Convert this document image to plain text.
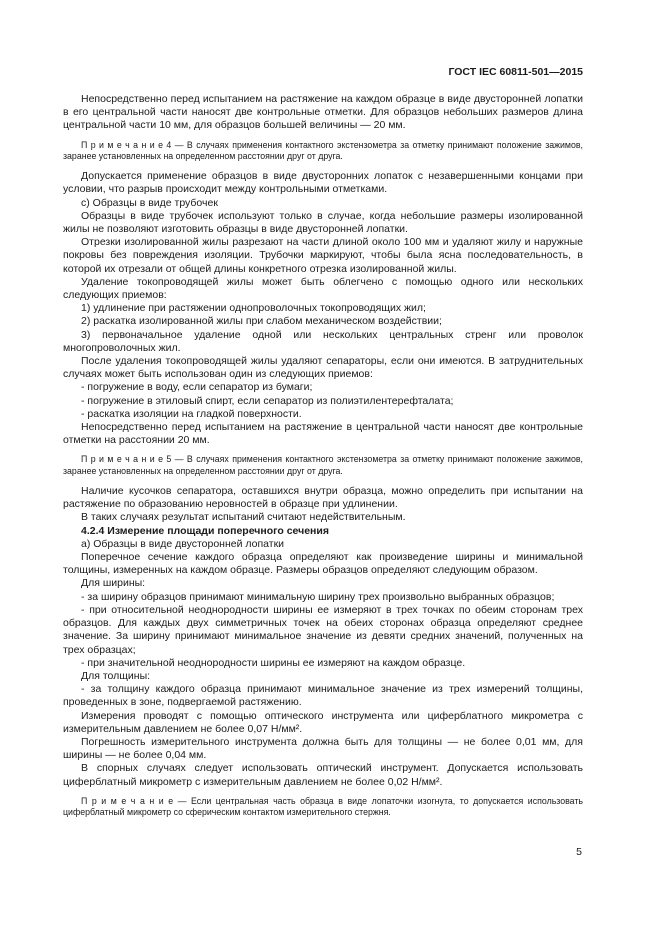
ГОСТ IEC 60811-501—2015

Непосредственно перед испытанием на растяжение на каждом образце в виде двусторонней лопатки в его центральной части наносят две контрольные отметки. Для образцов небольших размеров длина центральной части 10 мм, для образцов большей величины — 20 мм.

П р и м е ч а н и е 4 — В случаях применения контактного экстензометра за отметку принимают положение зажимов, заранее установленных на определенном расстоянии друг от друга.

Допускается применение образцов в виде двусторонних лопаток с незавершенными концами при условии, что разрыв происходит между контрольными отметками.

с) Образцы в виде трубочек

Образцы в виде трубочек используют только в случае, когда небольшие размеры изолированной жилы не позволяют изготовить образцы в виде двусторонней лопатки.

Отрезки изолированной жилы разрезают на части длиной около 100 мм и удаляют жилу и наружные покровы без повреждения изоляции. Трубочки маркируют, чтобы была ясна последовательность, в которой их отрезали от общей длины конкретного отрезка изолированной жилы.

Удаление токопроводящей жилы может быть облегчено с помощью одного или нескольких следующих приемов:

1) удлинение при растяжении однопроволочных токопроводящих жил;

2) раскатка изолированной жилы при слабом механическом воздействии;

3) первоначальное удаление одной или нескольких центральных стренг или проволок многопроволочных жил.

После удаления токопроводящей жилы удаляют сепараторы, если они имеются. В затруднительных случаях может быть использован один из следующих приемов:

- погружение в воду, если сепаратор из бумаги;

- погружение в этиловый спирт, если сепаратор из полиэтилентерефталата;

- раскатка изоляции на гладкой поверхности.

Непосредственно перед испытанием на растяжение в центральной части наносят две контрольные отметки на расстоянии 20 мм.

П р и м е ч а н и е 5 — В случаях применения контактного экстензометра за отметку принимают положение зажимов, заранее установленных на определенном расстоянии друг от друга.

Наличие кусочков сепаратора, оставшихся внутри образца, можно определить при испытании на растяжение по образованию неровностей в образце при удлинении.

В таких случаях результат испытаний считают недействительным.

4.2.4 Измерение площади поперечного сечения

а) Образцы в виде двусторонней лопатки

Поперечное сечение каждого образца определяют как произведение ширины и минимальной толщины, измеренных на каждом образце. Размеры образцов определяют следующим образом.

Для ширины:

- за ширину образцов принимают минимальную ширину трех произвольно выбранных образцов;

- при относительной неоднородности ширины ее измеряют в трех точках по обеим сторонам трех образцов. Для каждых двух симметричных точек на обеих сторонах образца определяют среднее значение. За ширину принимают минимальное значение из девяти средних значений, полученных на трех образцах;

- при значительной неоднородности ширины ее измеряют на каждом образце.

Для толщины:

- за толщину каждого образца принимают минимальное значение из трех измерений толщины, проведенных в зоне, подвергаемой растяжению.

Измерения проводят с помощью оптического инструмента или циферблатного микрометра с измерительным давлением не более 0,07 Н/мм².

Погрешность измерительного инструмента должна быть для толщины — не более 0,01 мм, для ширины — не более 0,04 мм.

В спорных случаях следует использовать оптический инструмент. Допускается использовать циферблатный микрометр с измерительным давлением не более 0,02 Н/мм².

П р и м е ч а н и е — Если центральная часть образца в виде лопаточки изогнута, то допускается использовать циферблатный микрометр со сферическим контактом измерительного стержня.

5
